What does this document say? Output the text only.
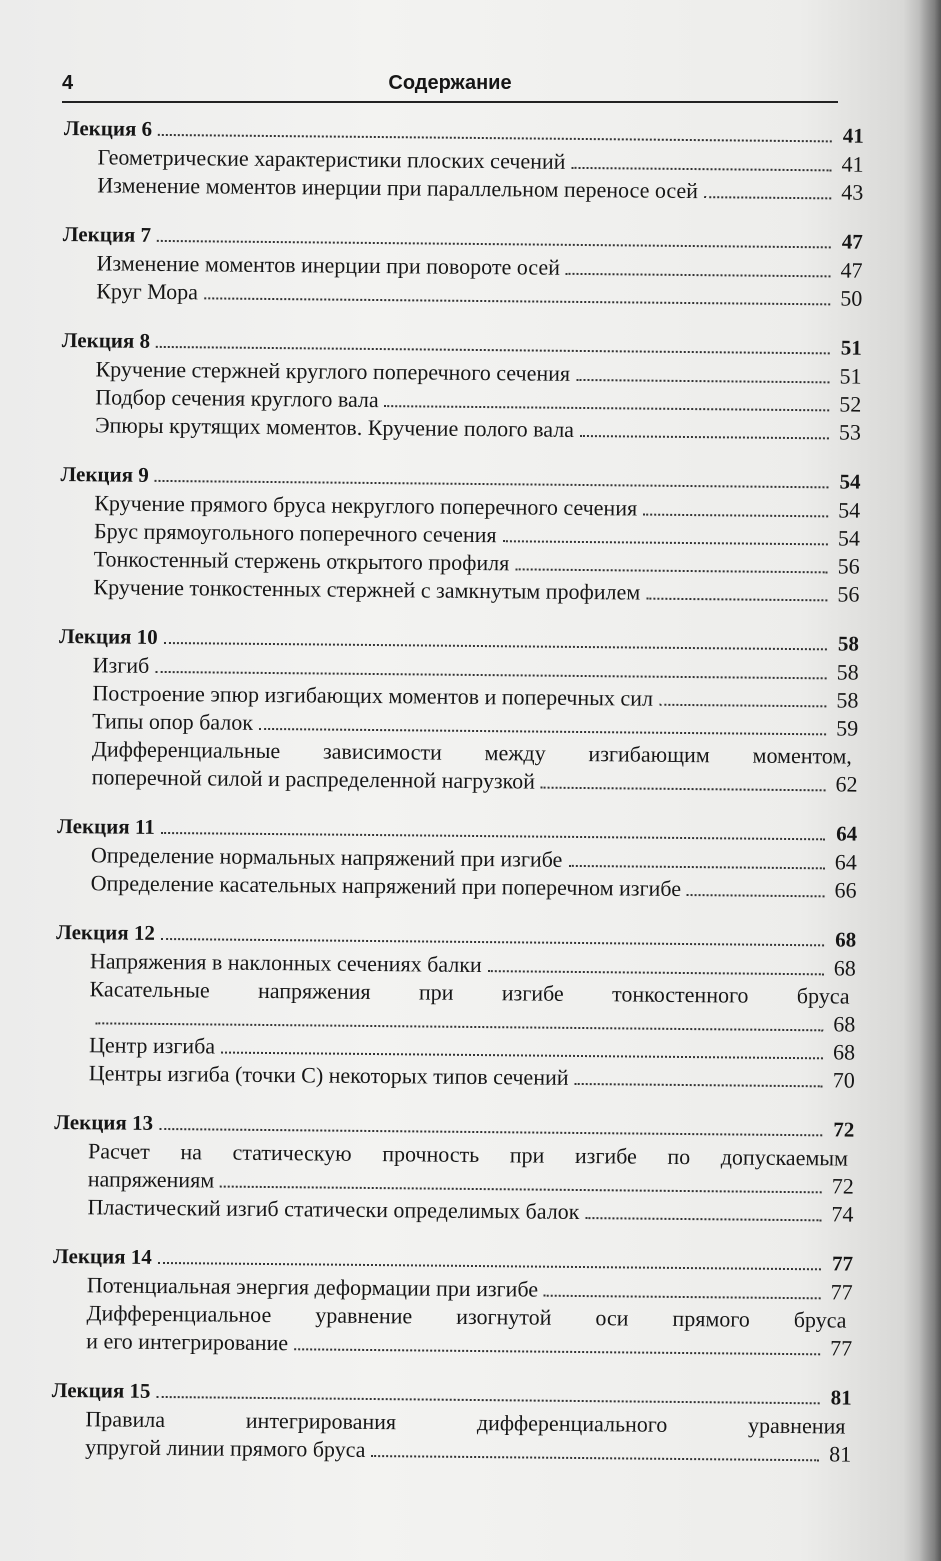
4	Содержание
Лекция 6	41
Геометрические характеристики плоских сечений	41
Изменение моментов инерции при параллельном переносе осей	43
Лекция 7	47
Изменение моментов инерции при повороте осей	47
Круг Мора	50
Лекция 8	51
Кручение стержней круглого поперечного сечения	51
Подбор сечения круглого вала	52
Эпюры крутящих моментов. Кручение полого вала	53
Лекция 9	54
Кручение прямого бруса некруглого поперечного сечения	54
Брус прямоугольного поперечного сечения	54
Тонкостенный стержень открытого профиля	56
Кручение тонкостенных стержней с замкнутым профилем	56
Лекция 10	58
Изгиб	58
Построение эпюр изгибающих моментов и поперечных сил	58
Типы опор балок	59
Дифференциальные зависимости между изгибающим моментом,
поперечной силой и распределенной нагрузкой	62
Лекция 11	64
Определение нормальных напряжений при изгибе	64
Определение касательных напряжений при поперечном изгибе	66
Лекция 12	68
Напряжения в наклонных сечениях балки	68
Касательные напряжения при изгибе тонкостенного бруса
68
Центр изгиба	68
Центры изгиба (точки C) некоторых типов сечений	70
Лекция 13	72
Расчет на статическую прочность при изгибе по допускаемым
напряжениям	72
Пластический изгиб статически определимых балок	74
Лекция 14	77
Потенциальная энергия деформации при изгибе	77
Дифференциальное уравнение изогнутой оси прямого бруса
и его интегрирование	77
Лекция 15	81
Правила интегрирования дифференциального уравнения
упругой линии прямого бруса	81
